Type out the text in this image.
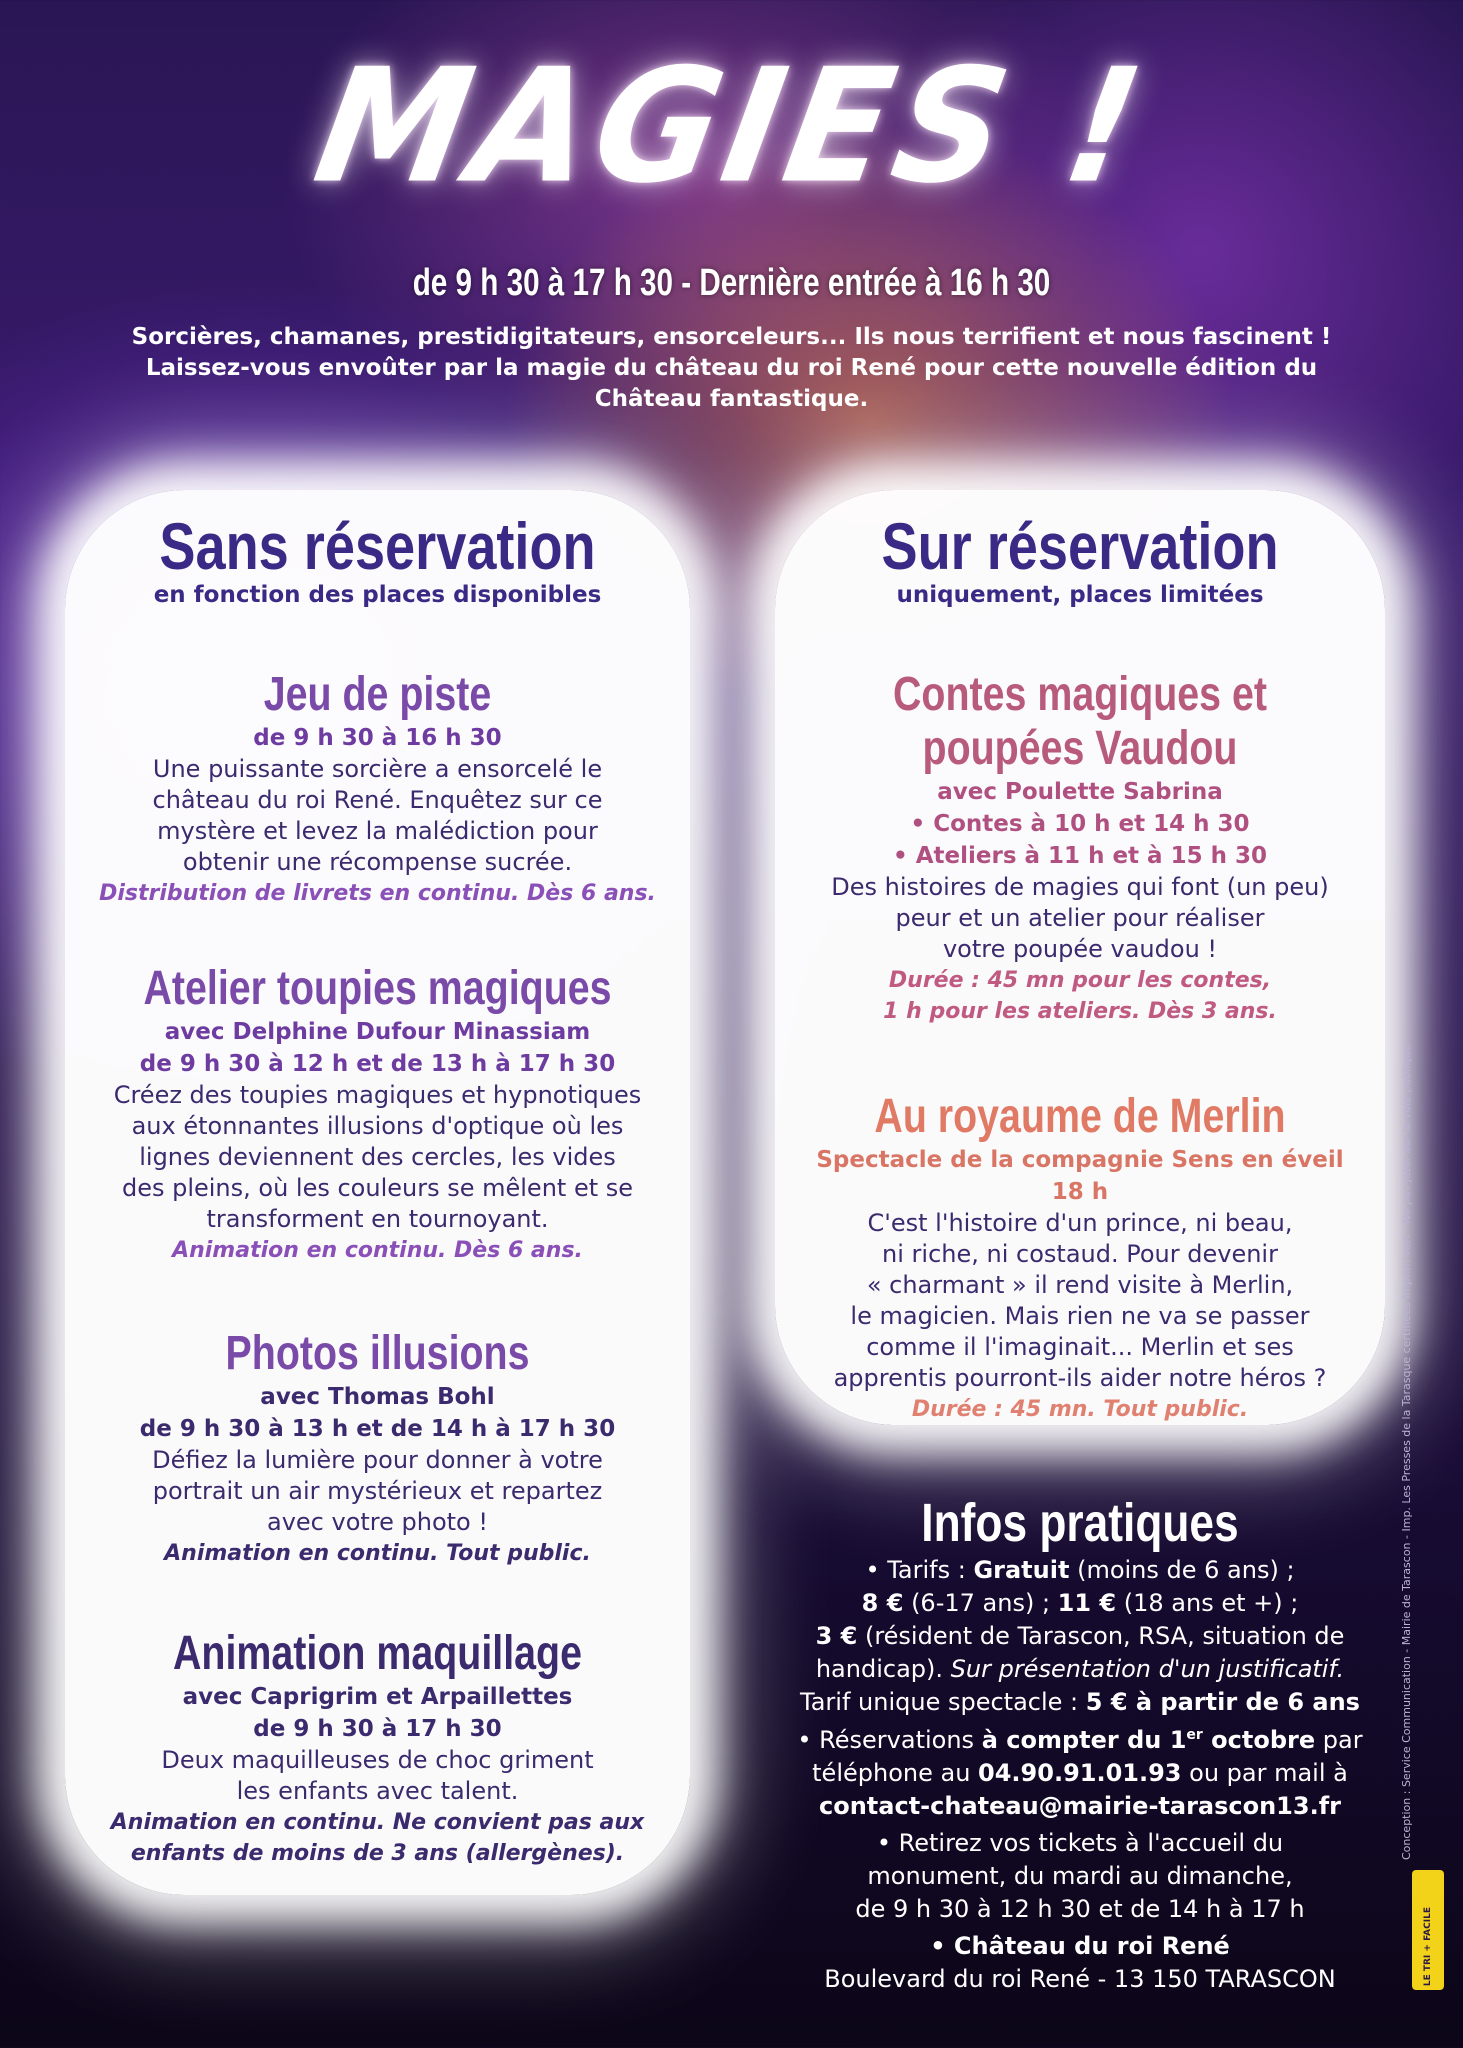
MAGIES !
de 9 h 30 à 17 h 30 - Dernière entrée à 16 h 30
Sorcières, chamanes, prestidigitateurs, ensorceleurs... Ils nous terrifient et nous fascinent !
Laissez-vous envoûter par la magie du château du roi René pour cette nouvelle édition du
Château fantastique.
Sans réservation
en fonction des places disponibles
Jeu de piste
de 9 h 30 à 16 h 30
Une puissante sorcière a ensorcelé le
château du roi René. Enquêtez sur ce
mystère et levez la malédiction pour
obtenir une récompense sucrée.
Distribution de livrets en continu. Dès 6 ans.
Atelier toupies magiques
avec Delphine Dufour Minassiam
de 9 h 30 à 12 h et de 13 h à 17 h 30
Créez des toupies magiques et hypnotiques
aux étonnantes illusions d'optique où les
lignes deviennent des cercles, les vides
des pleins, où les couleurs se mêlent et se
transforment en tournoyant.
Animation en continu. Dès 6 ans.
Photos illusions
avec Thomas Bohl
de 9 h 30 à 13 h et de 14 h à 17 h 30
Défiez la lumière pour donner à votre
portrait un air mystérieux et repartez
avec votre photo !
Animation en continu. Tout public.
Animation maquillage
avec Caprigrim et Arpaillettes
de 9 h 30 à 17 h 30
Deux maquilleuses de choc griment
les enfants avec talent.
Animation en continu. Ne convient pas aux
enfants de moins de 3 ans (allergènes).
Sur réservation
uniquement, places limitées
Contes magiques et
poupées Vaudou
avec Poulette Sabrina
• Contes à 10 h et 14 h 30
• Ateliers à 11 h et à 15 h 30
Des histoires de magies qui font (un peu)
peur et un atelier pour réaliser
votre poupée vaudou !
Durée : 45 mn pour les contes,
1 h pour les ateliers. Dès 3 ans.
Au royaume de Merlin
Spectacle de la compagnie Sens en éveil
18 h
C'est l'histoire d'un prince, ni beau,
ni riche, ni costaud. Pour devenir
« charmant » il rend visite à Merlin,
le magicien. Mais rien ne va se passer
comme il l'imaginait... Merlin et ses
apprentis pourront-ils aider notre héros ?
Durée : 45 mn. Tout public.
Infos pratiques

• Tarifs : Gratuit (moins de 6 ans) ;

8 € (6-17 ans) ; 11 € (18 ans et +) ;

3 € (résident de Tarascon, RSA, situation de

handicap). Sur présentation d'un justificatif.

Tarif unique spectacle : 5 € à partir de 6 ans

• Réservations à compter du 1er octobre par

téléphone au 04.90.91.01.93 ou par mail à

contact-chateau@mairie-tarascon13.fr

• Retirez vos tickets à l'accueil du

monument, du mardi au dimanche,

de 9 h 30 à 12 h 30 et de 14 h à 17 h

• Château du roi René

Boulevard du roi René - 13 150 TARASCON

Conception : Service Communication - Mairie de Tarascon - Imp. Les Presses de la Tarasque certifiées Imprim'vert - Ne pas jeter sur la voie publique
LE TRI + FACILE
